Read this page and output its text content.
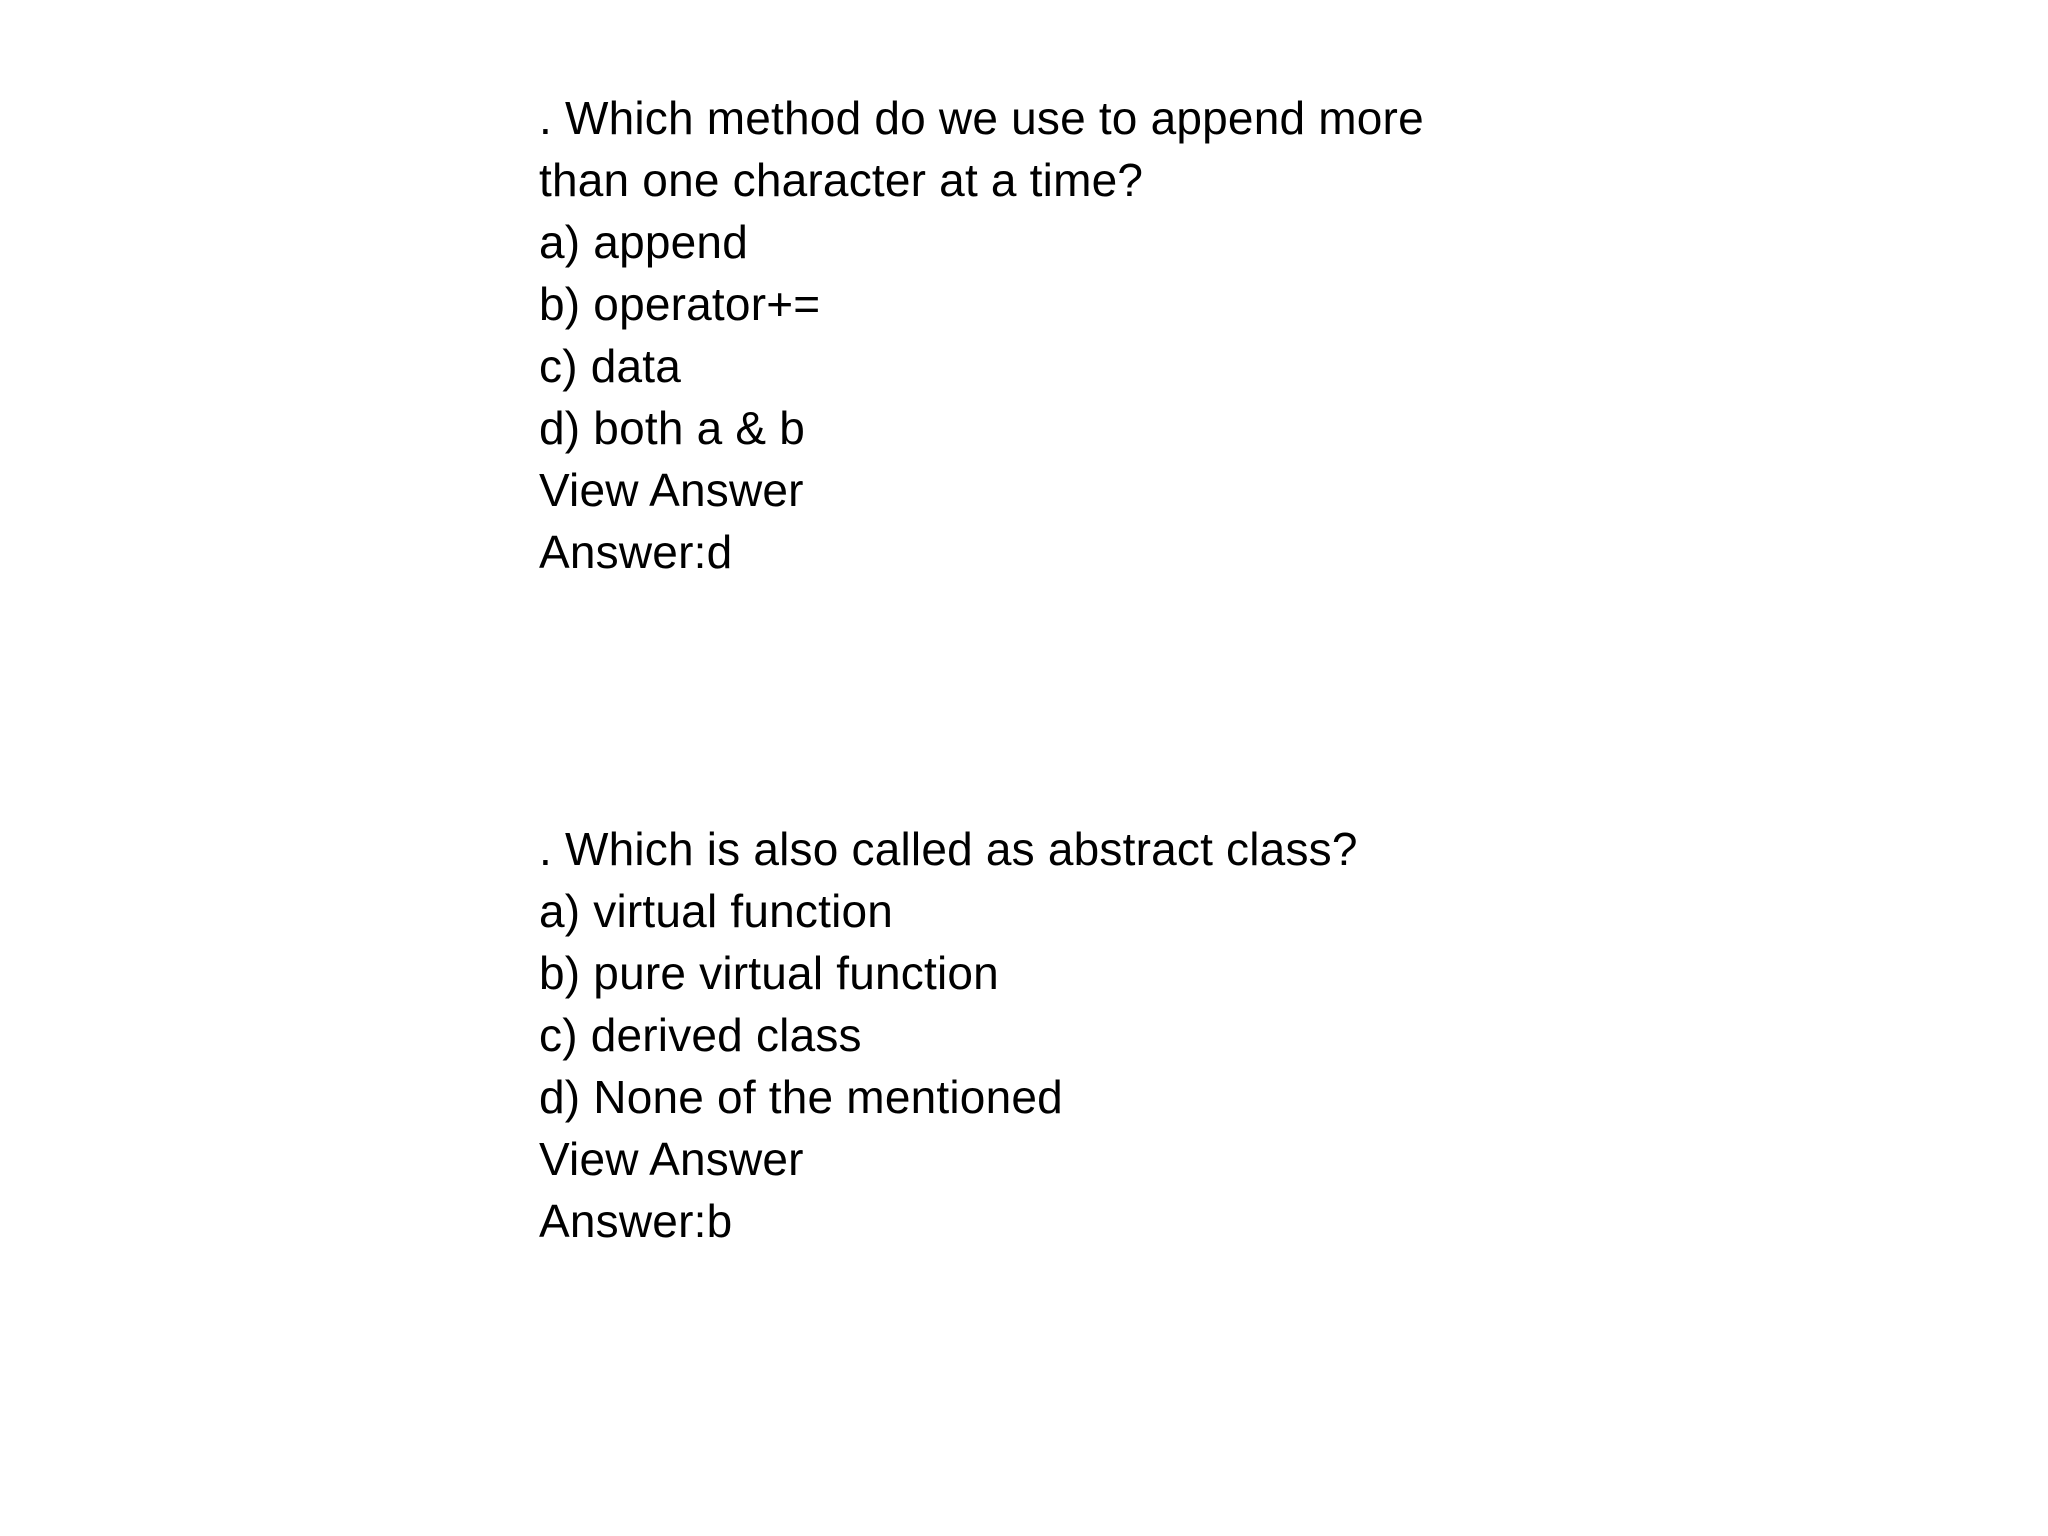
. Which method do we use to append more than one character at a time?
a) append
b) operator+=
c) data
d) both a & b
View Answer
Answer:d
. Which is also called as abstract class?
a) virtual function
b) pure virtual function
c) derived class
d) None of the mentioned
View Answer
Answer:b
